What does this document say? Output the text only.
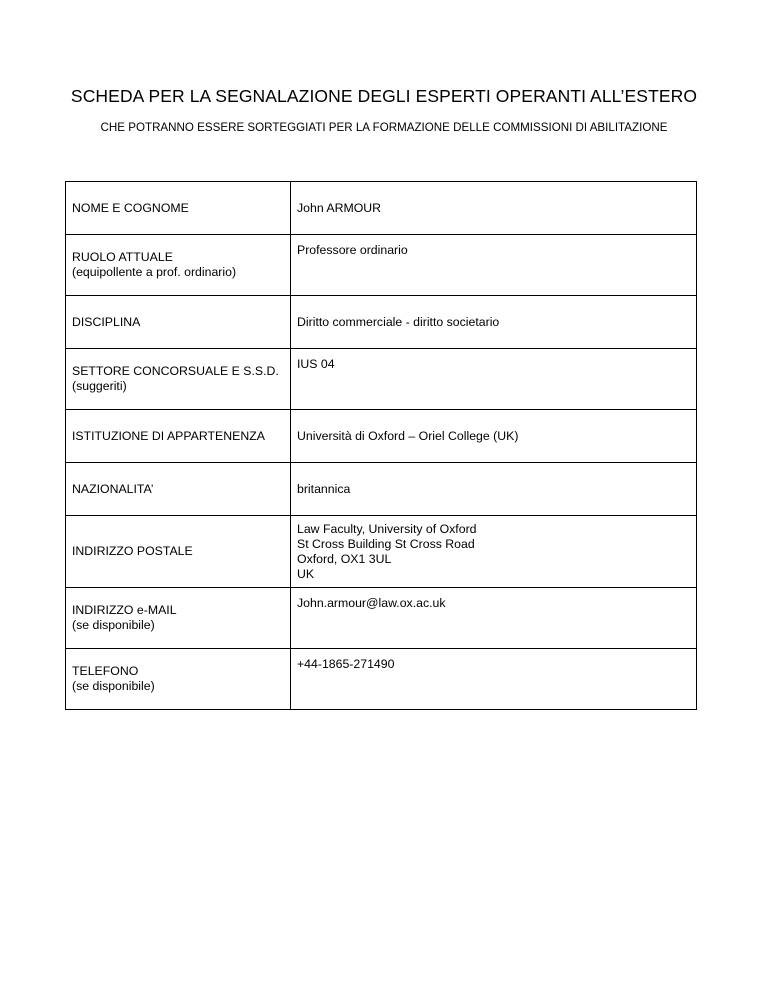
SCHEDA PER LA SEGNALAZIONE DEGLI ESPERTI OPERANTI ALL’ESTERO
CHE POTRANNO ESSERE SORTEGGIATI PER LA FORMAZIONE DELLE COMMISSIONI DI ABILITAZIONE
NOME E COGNOME	John ARMOUR

RUOLO ATTUALE
(equipollente a prof. ordinario)	Professore ordinario

DISCIPLINA	Diritto commerciale - diritto societario

SETTORE CONCORSUALE E S.S.D.
(suggeriti)	IUS 04

ISTITUZIONE DI APPARTENENZA	Università di Oxford – Oriel College (UK)

NAZIONALITA’	britannica

INDIRIZZO POSTALE	Law Faculty, University of Oxford
St Cross Building St Cross Road
Oxford, OX1 3UL
UK

INDIRIZZO e-MAIL
(se disponibile)	John.armour@law.ox.ac.uk

TELEFONO
(se disponibile)	+44-1865-271490
